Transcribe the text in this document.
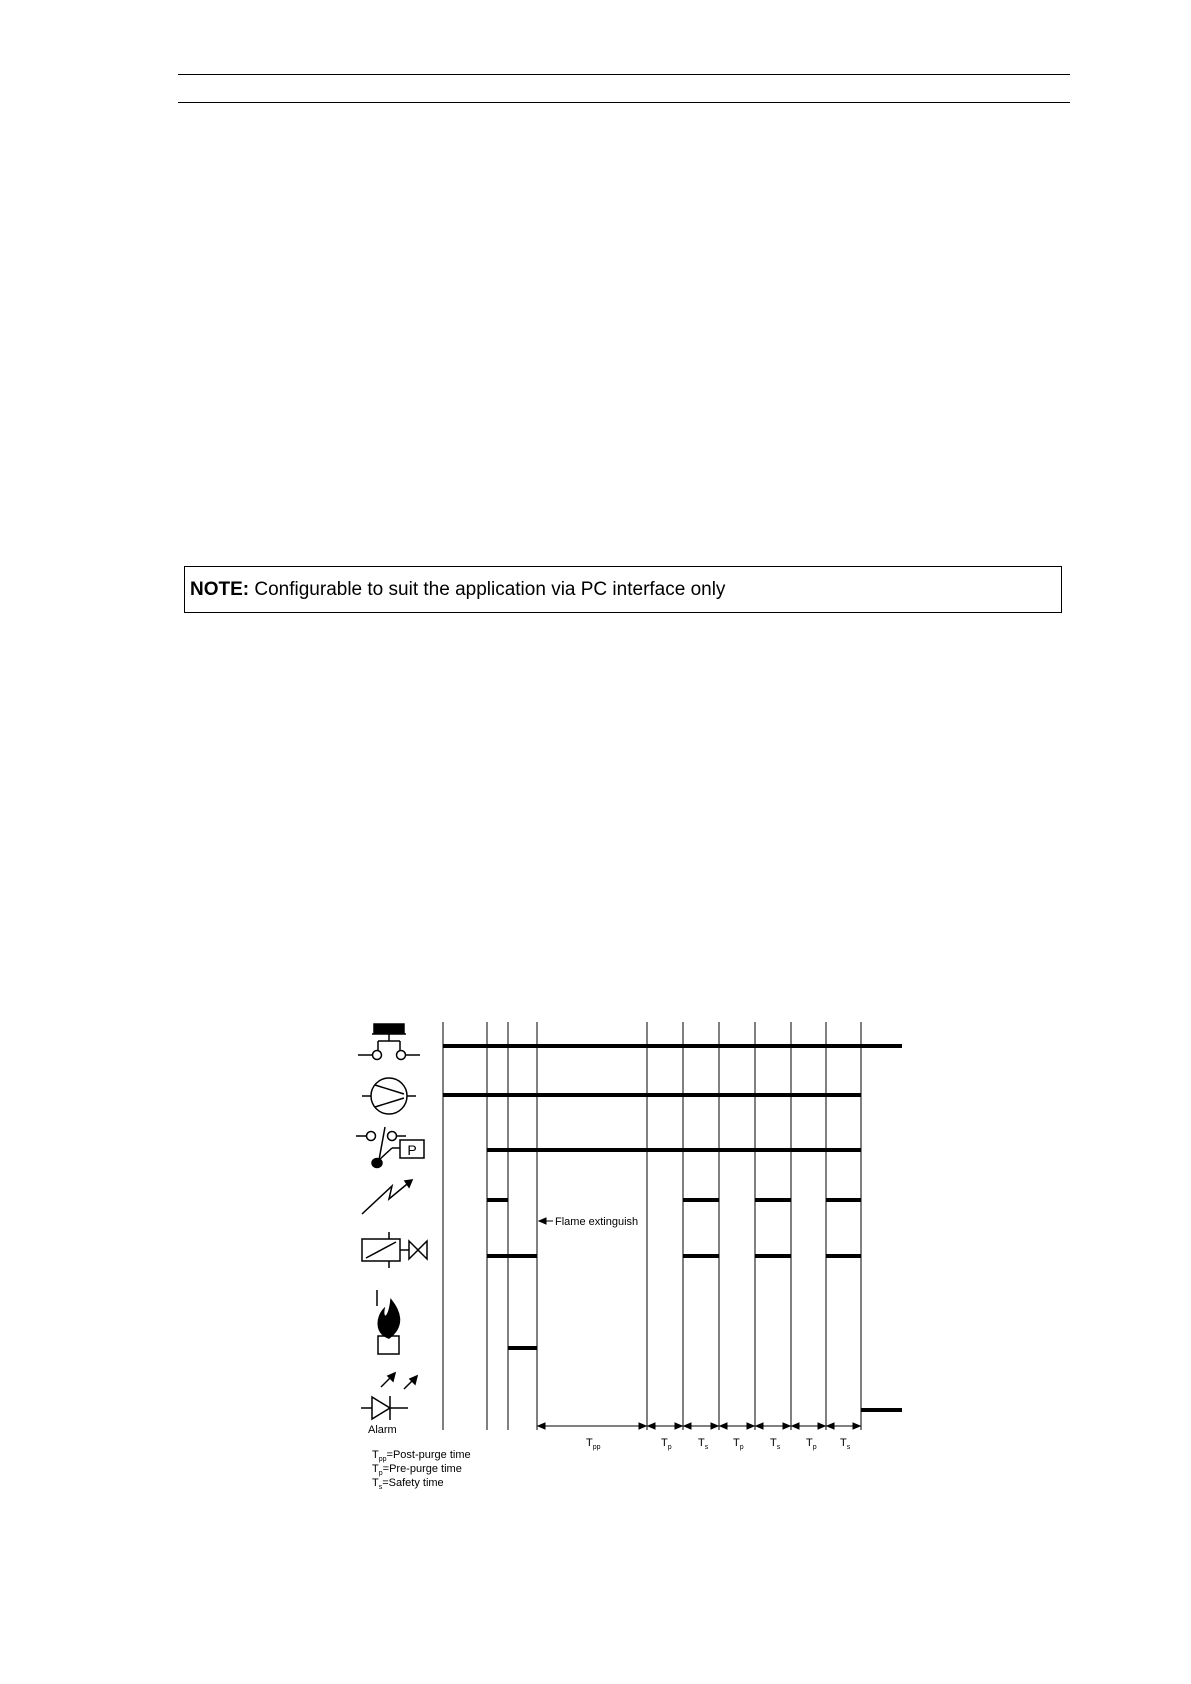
NOTE: Configurable to suit the application via PC interface only
P
Alarm
Flame extinguish
$T_{pp}$	$T_p$ $T_s$ $T_p$ $T_s$ $T_p$ $T_s$
$T_{pp}=Post$-purge time
$T_p=Pre$-purge time
$T_s=Safety$ time
